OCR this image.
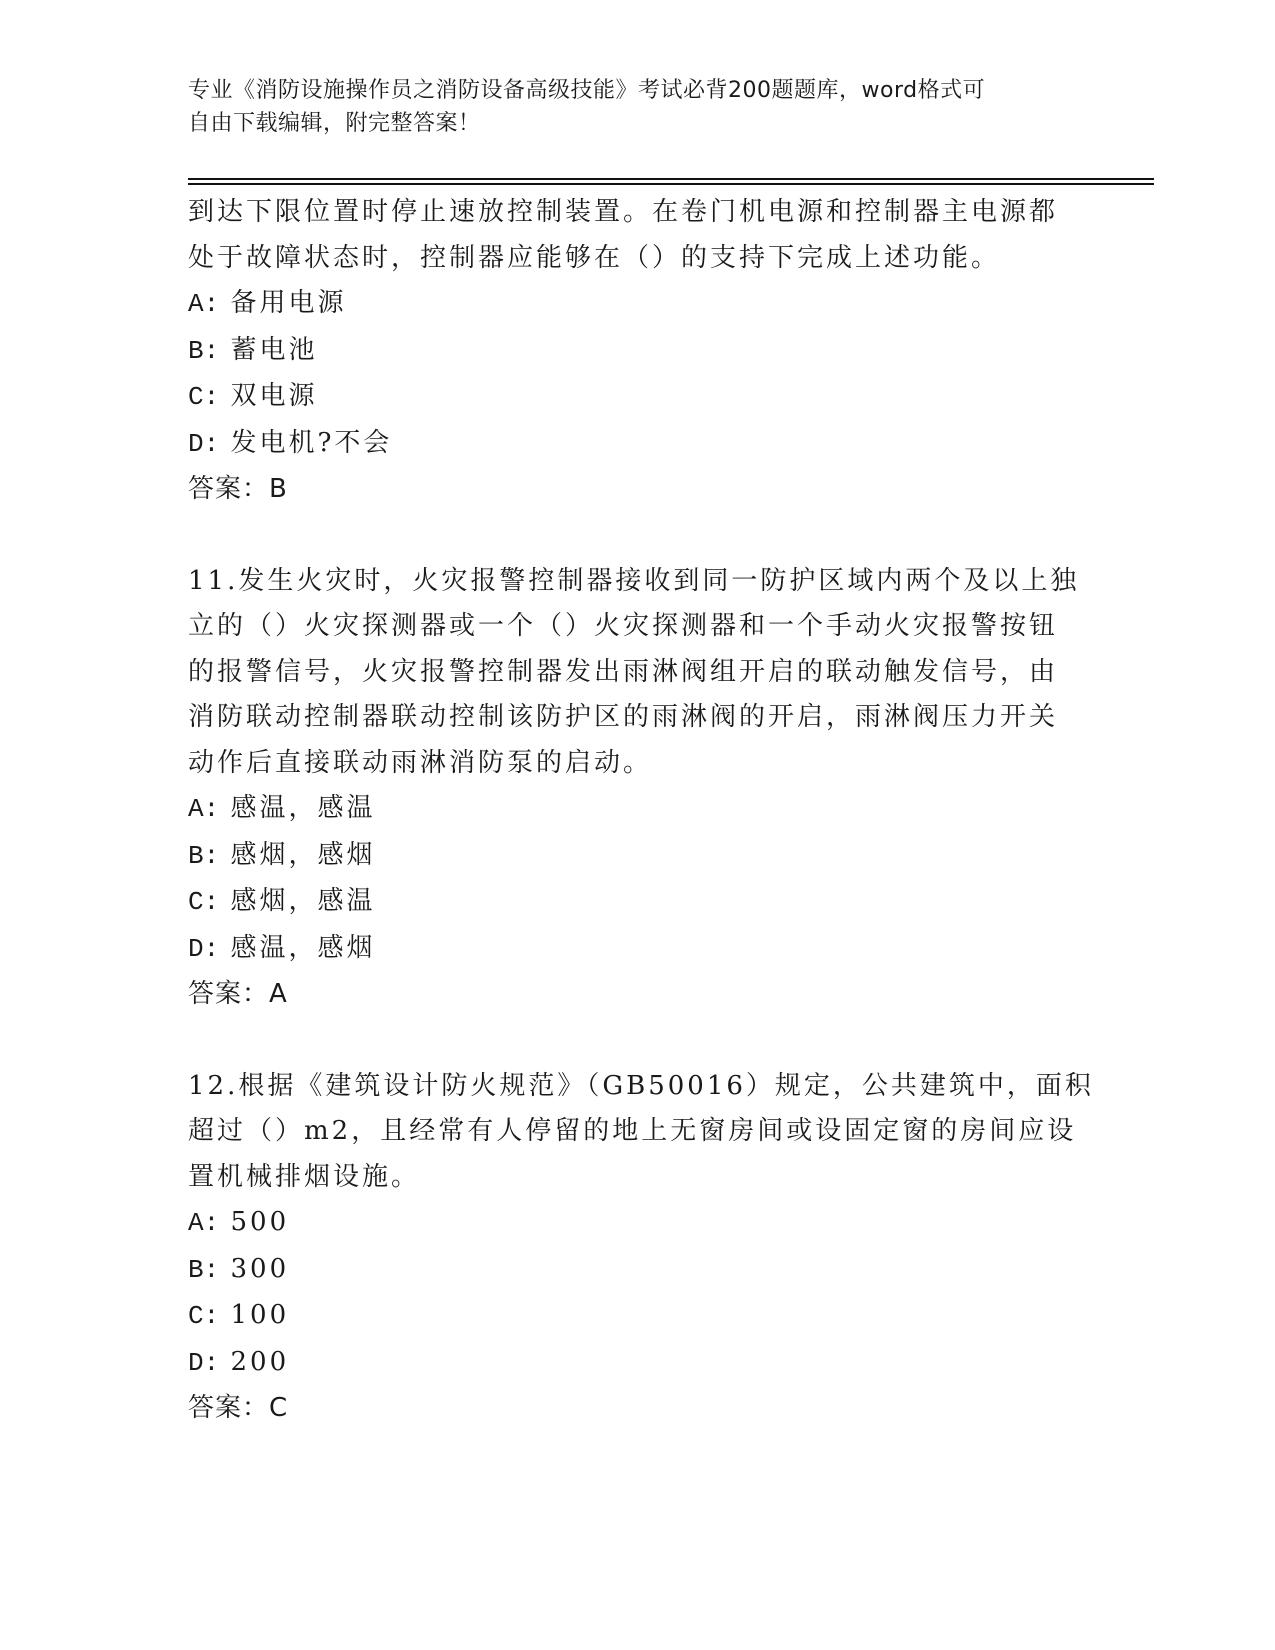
专业《消防设施操作员之消防设备高级技能》考试必背200题题库，word格式可
自由下载编辑，附完整答案！
到达下限位置时停止速放控制装置。在卷门机电源和控制器主电源都
处于故障状态时，控制器应能够在（）的支持下完成上述功能。
A: 备用电源
B: 蓄电池
C: 双电源
D: 发电机?不会
答案：B
11.发生火灾时，火灾报警控制器接收到同一防护区域内两个及以上独
立的（）火灾探测器或一个（）火灾探测器和一个手动火灾报警按钮
的报警信号，火灾报警控制器发出雨淋阀组开启的联动触发信号，由
消防联动控制器联动控制该防护区的雨淋阀的开启，雨淋阀压力开关
动作后直接联动雨淋消防泵的启动。
A: 感温，感温
B: 感烟，感烟
C: 感烟，感温
D: 感温，感烟
答案：A
12.根据《建筑设计防火规范》（GB50016）规定，公共建筑中，面积
超过（）m2，且经常有人停留的地上无窗房间或设固定窗的房间应设
置机械排烟设施。
A: 500
B: 300
C: 100
D: 200
答案：C
